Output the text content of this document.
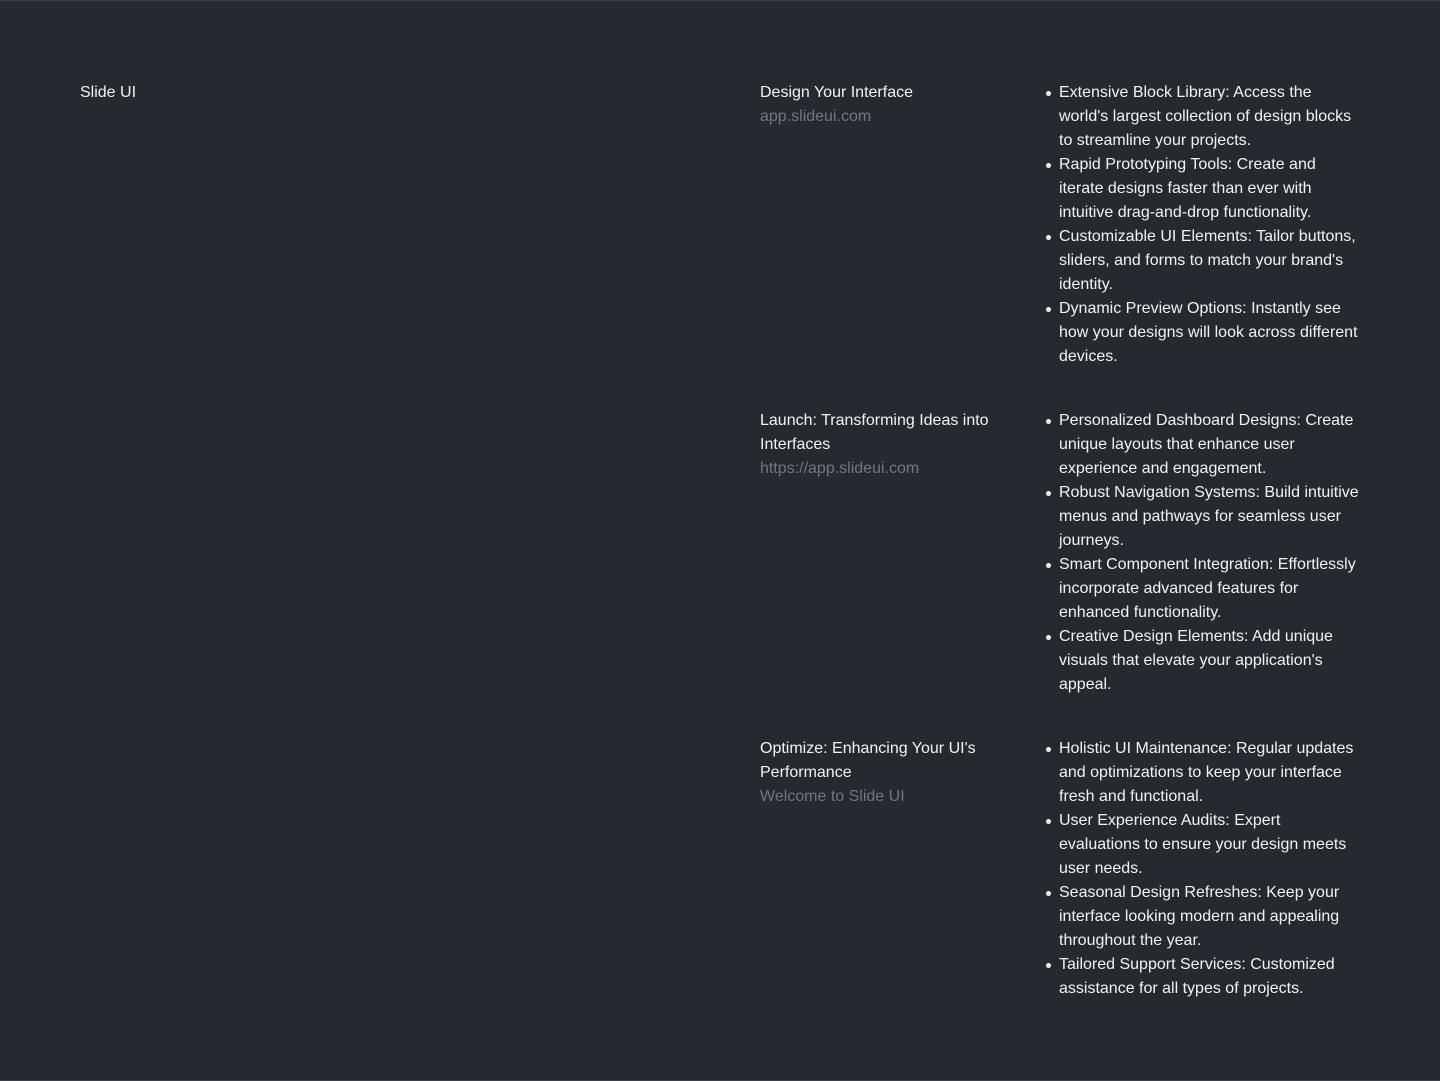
Slide UI	Design Your Interface
app.slideui.com
Extensive Block Library: Access the world's largest collection of design blocks to streamline your projects.
Rapid Prototyping Tools: Create and iterate designs faster than ever with intuitive drag-and-drop functionality.
Customizable UI Elements: Tailor buttons, sliders, and forms to match your brand's identity.
Dynamic Preview Options: Instantly see how your designs will look across different devices.
Launch: Transforming Ideas into Interfaces
https://app.slideui.com
Personalized Dashboard Designs: Create unique layouts that enhance user experience and engagement.
Robust Navigation Systems: Build intuitive menus and pathways for seamless user journeys.
Smart Component Integration: Effortlessly incorporate advanced features for enhanced functionality.
Creative Design Elements: Add unique visuals that elevate your application's appeal.
Optimize: Enhancing Your UI's Performance
Welcome to Slide UI
Holistic UI Maintenance: Regular updates and optimizations to keep your interface fresh and functional.
User Experience Audits: Expert evaluations to ensure your design meets user needs.
Seasonal Design Refreshes: Keep your interface looking modern and appealing throughout the year.
Tailored Support Services: Customized assistance for all types of projects.
